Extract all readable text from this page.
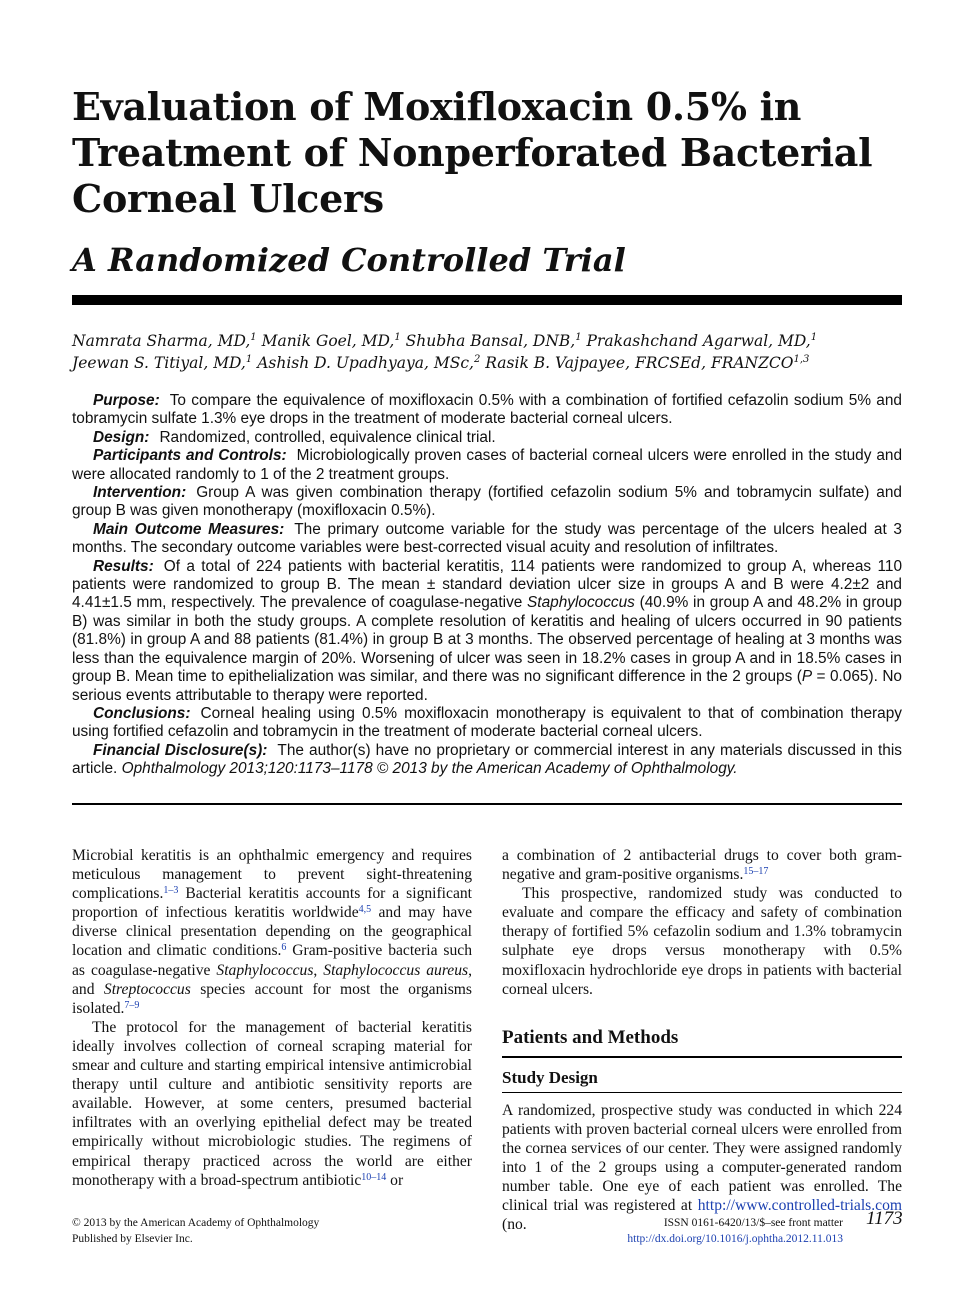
Evaluation of Moxifloxacin 0.5% in Treatment of Nonperforated Bacterial Corneal Ulcers
A Randomized Controlled Trial
Namrata Sharma, MD,$^1$ Manik Goel, MD,$^1$ Shubha Bansal, DNB,$^1$ Prakashchand Agarwal, MD,$^1$
Jeewan S. Titiyal, MD,$^1$ Ashish D. Upadhyaya, MSc,$^2$ Rasik B. Vajpayee, FRCSEd, FRANZCO$^{1,3}$

Purpose: To compare the equivalence of moxifloxacin 0.5% with a combination of fortified cefazolin sodium 5% and tobramycin sulfate 1.3% eye drops in the treatment of moderate bacterial corneal ulcers.

Design: Randomized, controlled, equivalence clinical trial.

Participants and Controls: Microbiologically proven cases of bacterial corneal ulcers were enrolled in the study and were allocated randomly to 1 of the 2 treatment groups.

Intervention: Group A was given combination therapy (fortified cefazolin sodium 5% and tobramycin sulfate) and group B was given monotherapy (moxifloxacin 0.5%).

Main Outcome Measures: The primary outcome variable for the study was percentage of the ulcers healed at 3 months. The secondary outcome variables were best-corrected visual acuity and resolution of infiltrates.

Results: Of a total of 224 patients with bacterial keratitis, 114 patients were randomized to group A, whereas 110 patients were randomized to group B. The mean ± standard deviation ulcer size in groups A and B were 4.2±2 and 4.41±1.5 mm, respectively. The prevalence of coagulase-negative Staphylococcus (40.9% in group A and 48.2% in group B) was similar in both the study groups. A complete resolution of keratitis and healing of ulcers occurred in 90 patients (81.8%) in group A and 88 patients (81.4%) in group B at 3 months. The observed percentage of healing at 3 months was less than the equivalence margin of 20%. Worsening of ulcer was seen in 18.2% cases in group A and in 18.5% cases in group B. Mean time to epithelialization was similar, and there was no significant difference in the 2 groups (P = 0.065). No serious events attributable to therapy were reported.

Conclusions: Corneal healing using 0.5% moxifloxacin monotherapy is equivalent to that of combination therapy using fortified cefazolin and tobramycin in the treatment of moderate bacterial corneal ulcers.

Financial Disclosure(s): The author(s) have no proprietary or commercial interest in any materials discussed in this article. Ophthalmology 2013;120:1173–1178 © 2013 by the American Academy of Ophthalmology.

Microbial keratitis is an ophthalmic emergency and requires meticulous management to prevent sight-threatening complications.$^{1-3}$ Bacterial keratitis accounts for a significant proportion of infectious keratitis worldwide$^{4,5}$ and may have diverse clinical presentation depending on the geographical location and climatic conditions.$^6$ Gram-positive bacteria such as coagulase-negative Staphylococcus, Staphylococcus aureus, and Streptococcus species account for most the organisms isolated.$^{7-9}$

The protocol for the management of bacterial keratitis ideally involves collection of corneal scraping material for smear and culture and starting empirical intensive antimicrobial therapy until culture and antibiotic sensitivity reports are available. However, at some centers, presumed bacterial infiltrates with an overlying epithelial defect may be treated empirically without microbiologic studies. The regimens of empirical therapy practiced across the world are either monotherapy with a broad-spectrum antibiotic$^{10-14}$ or

a combination of 2 antibacterial drugs to cover both gram-negative and gram-positive organisms.$^{15-17}$

This prospective, randomized study was conducted to evaluate and compare the efficacy and safety of combination therapy of fortified 5% cefazolin sodium and 1.3% tobramycin sulphate eye drops versus monotherapy with 0.5% moxifloxacin hydrochloride eye drops in patients with bacterial corneal ulcers.

Patients and Methods
Study Design

A randomized, prospective study was conducted in which 224 patients with proven bacterial corneal ulcers were enrolled from the cornea services of our center. They were assigned randomly into 1 of the 2 groups using a computer-generated random number table. One eye of each patient was enrolled. The clinical trial was registered at http://www.controlled-trials.com (no.

© 2013 by the American Academy of Ophthalmology
Published by Elsevier Inc.
ISSN 0161-6420/13/$–see front matter
http://dx.doi.org/10.1016/j.ophtha.2012.11.013
1173
